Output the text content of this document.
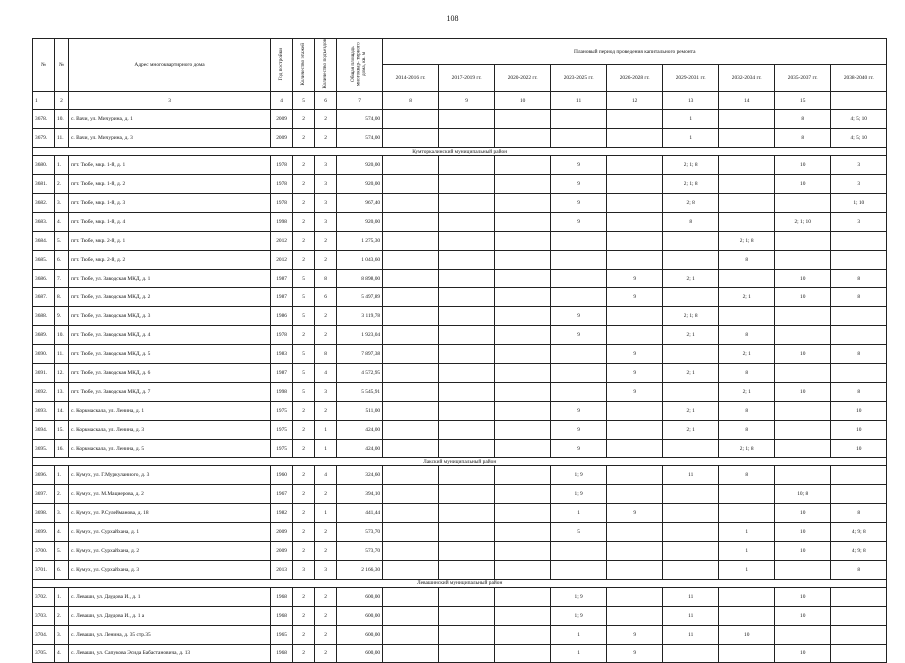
108
№	№	Адрес многоквартирного дома	Год постройки	Количество этажей	Количество подъездов	Общая площадь многоквар- тирного дома, кв. м	Плановый период проведения капитального ремонта									
							2014-2016 гг.	2017-2019 гг.	2020-2022 гг.	2023-2025 гг.	2026-2028 гг.	2029-2031 гг.	2032-2034 гг.	2035-2037 гг.	2038-2040 гг.	
1	2	3	4	5	6	7	8	9	10	11	12	13	14	15		
3678.	10.	с. Вачи, ул. Мичурина, д. 1	2009	2	2	574,00						1		8	4; 5; 10	
3679.	11.	с. Вачи, ул. Мичурина, д. 3	2009	2	2	574,00						1		8	4; 5; 10	
Кумторкалинский муниципальный район																
3680.	1.	пгт. Тюбе, мкр. 1-й, д. 1	1978	2	3	920,00				9		2; 1; 8		10	3	
3681.	2.	пгт. Тюбе, мкр. 1-й, д. 2	1978	2	3	920,00				9		2; 1; 8		10	3	
3682.	3.	пгт. Тюбе, мкр. 1-й, д. 3	1978	2	3	967,40				9		2; 8			1; 10	
3683.	4.	пгт. Тюбе, мкр. 1-й, д. 4	1998	2	3	920,00				9		8		2; 1; 10	3	
3684.	5.	пгт. Тюбе, мкр. 2-й, д. 1	2012	2	2	1 275,30							2; 1; 8			
3685.	6.	пгт. Тюбе, мкр. 2-й, д. 2	2012	2	2	1 043,60							8			
3686.	7.	пгт. Тюбе, ул. Заводская МКД, д. 1	1987	5	8	8 898,00					9	2; 1		10	8	
3687.	8.	пгт. Тюбе, ул. Заводская МКД, д. 2	1987	5	6	5 497,89					9		2; 1	10	8	
3688.	9.	пгт. Тюбе, ул. Заводская МКД, д. 3	1986	5	2	3 119,78				9		2; 1; 8				
3689.	10.	пгт. Тюбе, ул. Заводская МКД, д. 4	1978	2	2	1 923,04				9		2; 1	8			
3690.	11.	пгт. Тюбе, ул. Заводская МКД, д. 5	1983	5	8	7 897,38					9		2; 1	10	8	
3691.	12.	пгт. Тюбе, ул. Заводская МКД, д. 6	1987	5	4	4 572,95					9	2; 1	8			
3692.	13.	пгт. Тюбе, ул. Заводская МКД, д. 7	1998	5	3	5 545,91					9		2; 1	10	8	
3693.	14.	с. Коркмаскала, ул. Ленина, д. 1	1975	2	2	511,00				9		2; 1	8		10	
3694.	15.	с. Коркмаскала, ул. Ленина, д. 3	1975	2	1	424,00				9		2; 1	8		10	
3695.	16.	с. Коркмаскала, ул. Ленина, д. 5	1975	2	1	424,00				9			2; 1; 8		10	
Лакский муниципальный район																
3696.	1.	с. Кумух, ул. Г.Муркуланиого, д. 3	1960	2	4	324,60				1; 9		11	8			
3697.	2.	с. Кумух, ул. М.Мациерова, д. 2	1967	2	2	394,10				1; 9				10; 8		
3698.	3.	с. Кумух, ул. Р.Сулейманова, д. 18	1982	2	1	441,44				1	9			10	8	
3699.	4.	с. Кумух, ул. Сурхайхана, д. 1	2009	2	2	573,70				5			1	10	4; 9; 8	
3700.	5.	с. Кумух, ул. Сурхайхана, д. 2	2009	2	2	573,70							1	10	4; 9; 8	
3701.	6.	с. Кумух, ул. Сурхайхана, д. 3	2013	3	3	2 166,30							1		8	
Левашинский муниципальный район																
3702.	1.	с. Леваши, ул. Даудова И., д. 1	1968	2	2	600,00				1; 9		11		10		
3703.	2.	с. Леваши, ул. Даудова И., д. 1 а	1968	2	2	600,00				1; 9		11		10		
3704.	3.	с. Леваши, ул. Ленина, д. 35 стр.35	1965	2	2	600,00				1	9	11	10			
3705.	4.	с. Леваши, ул. Сапукова Эсида Бабастановича, д. 13	1968	2	2	600,00				1	9			10		
